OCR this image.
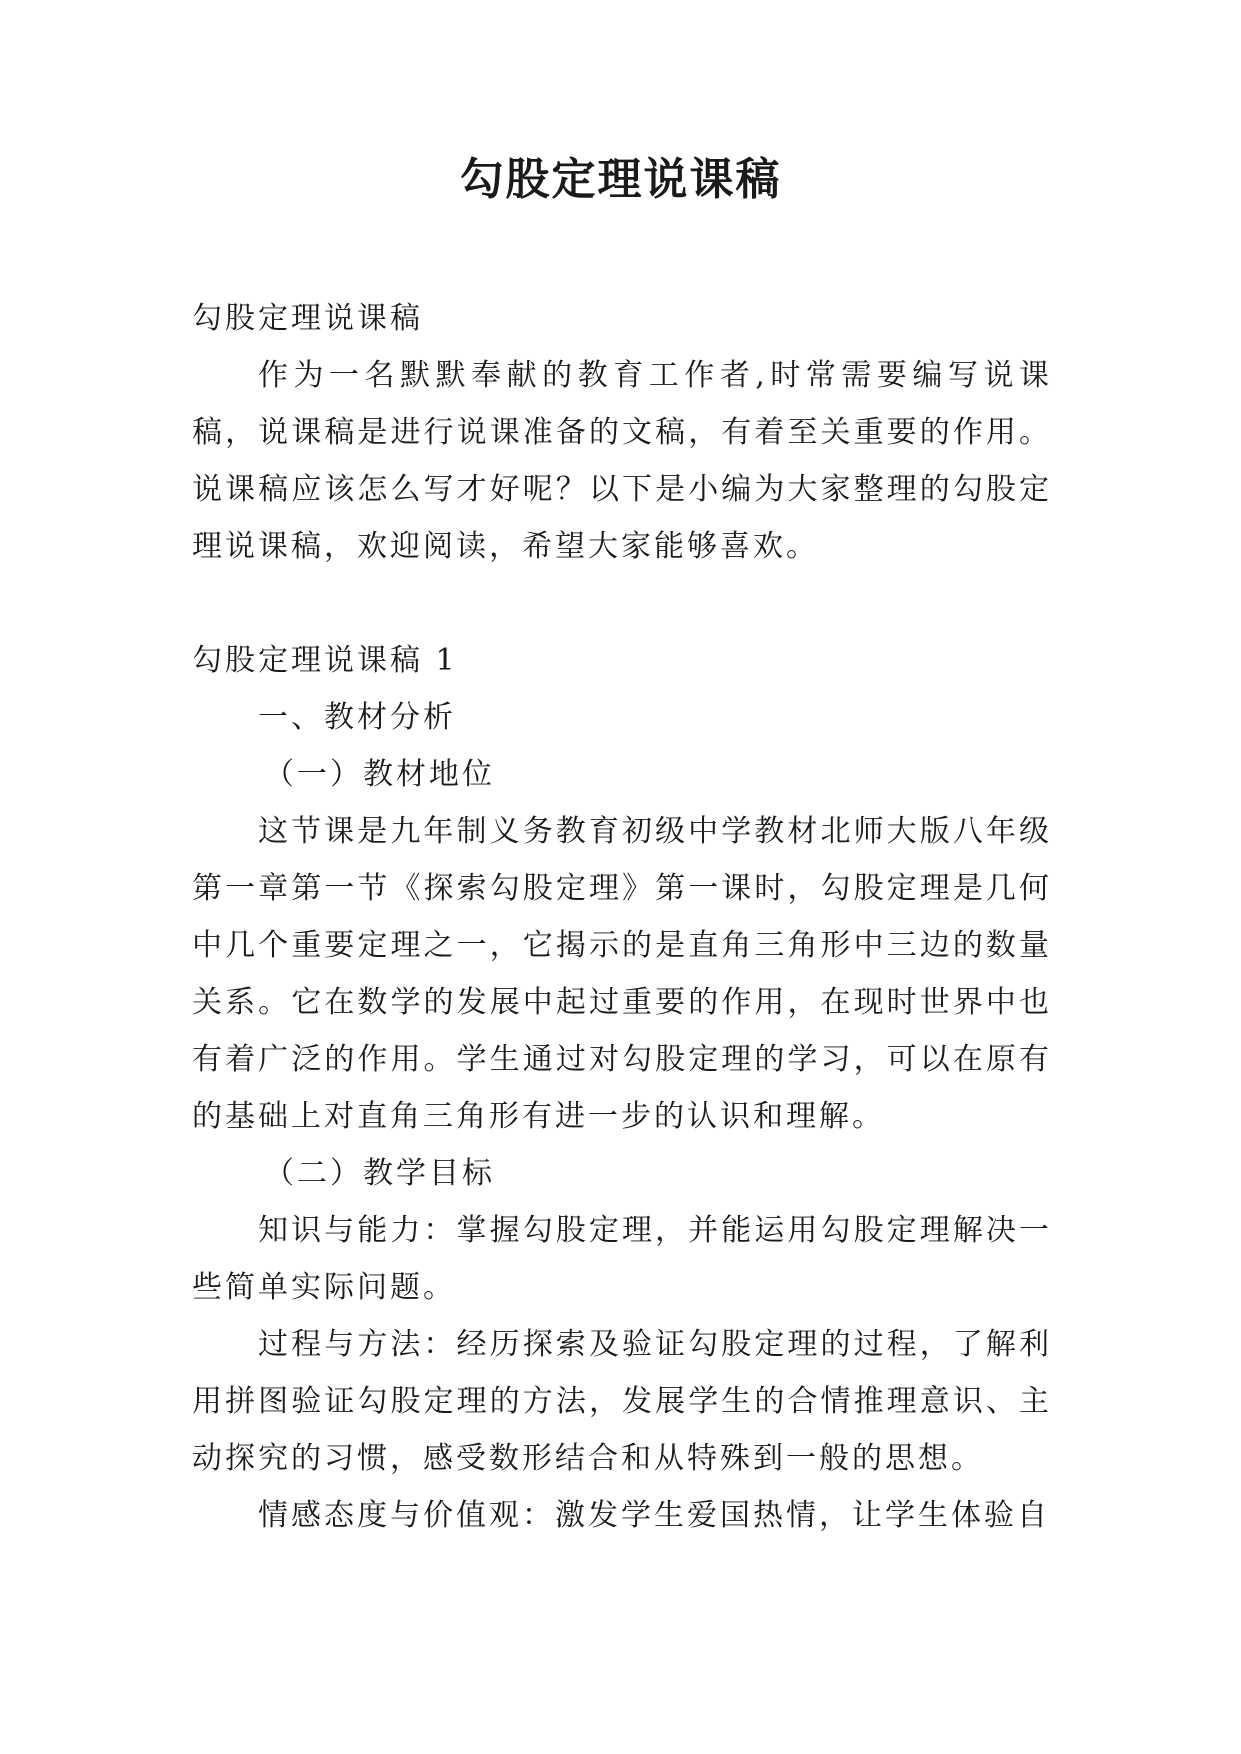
勾股定理说课稿

勾股定理说课稿

作为一名默默奉献的教育工作者,时常需要编写说课稿，说课稿是进行说课准备的文稿，有着至关重要的作用。说课稿应该怎么写才好呢？以下是小编为大家整理的勾股定理说课稿，欢迎阅读，希望大家能够喜欢。

勾股定理说课稿 1

一、教材分析

（一）教材地位

这节课是九年制义务教育初级中学教材北师大版八年级第一章第一节《探索勾股定理》第一课时，勾股定理是几何中几个重要定理之一，它揭示的是直角三角形中三边的数量关系。它在数学的发展中起过重要的作用，在现时世界中也有着广泛的作用。学生通过对勾股定理的学习，可以在原有的基础上对直角三角形有进一步的认识和理解。

（二）教学目标

知识与能力：掌握勾股定理，并能运用勾股定理解决一些简单实际问题。

过程与方法：经历探索及验证勾股定理的过程，了解利用拼图验证勾股定理的方法，发展学生的合情推理意识、主动探究的习惯，感受数形结合和从特殊到一般的思想。

情感态度与价值观：激发学生爱国热情，让学生体验自
